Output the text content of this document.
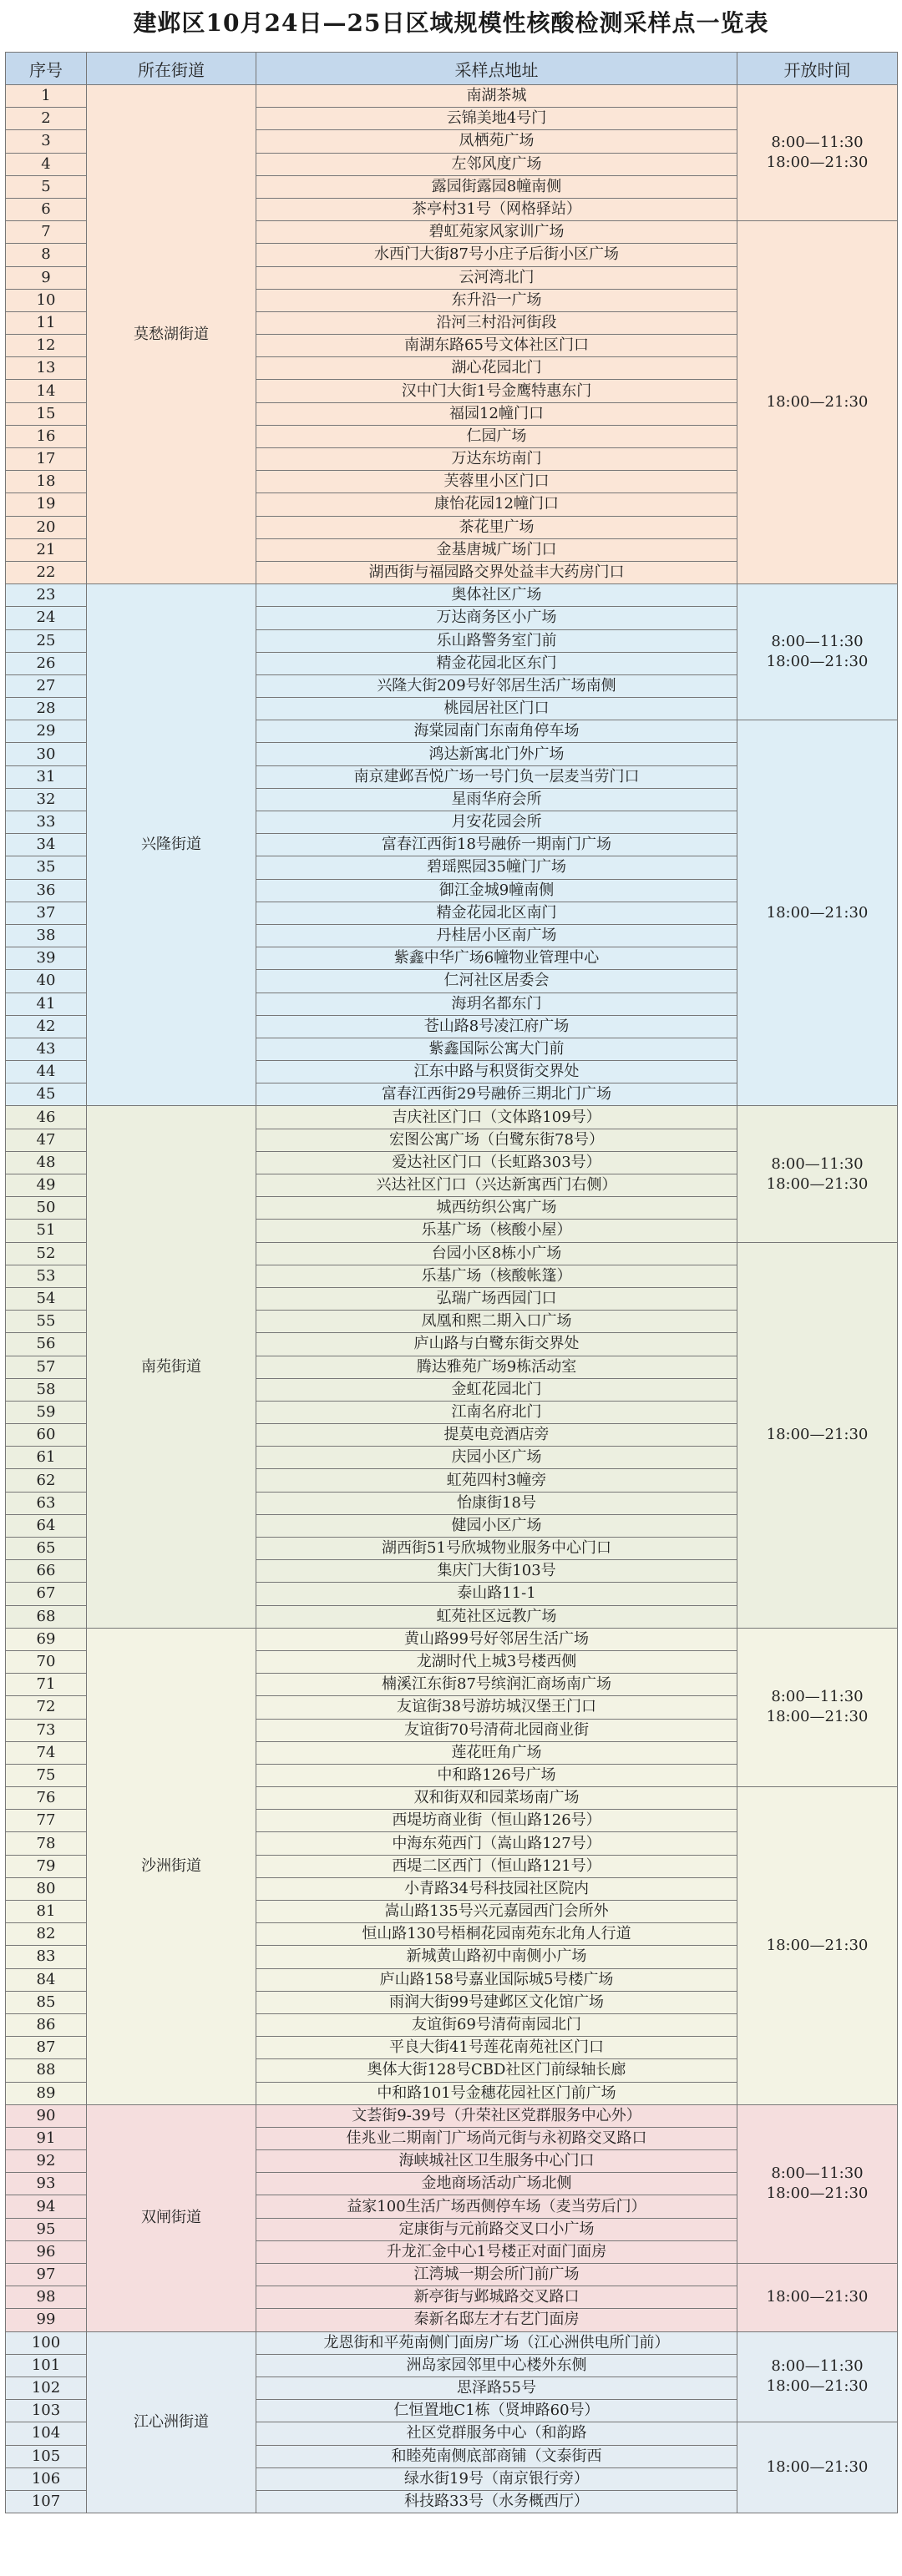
建邺区10月24日—25日区域规模性核酸检测采样点一览表
序号	所在街道	采样点地址	开放时间
1	莫愁湖街道	南湖茶城	8:00—11:30
18:00—21:30

2		云锦美地4号门	
3		凤栖苑广场	
4		左邻风度广场	
5		露园街露园8幢南侧	
6		茶亭村31号（网格驿站）	
7		碧虹苑家风家训广场	18:00—21:30

8		水西门大街87号小庄子后街小区广场	
9		云河湾北门	
10		东升沿一广场	
11		沿河三村沿河街段	
12		南湖东路65号文体社区门口	
13		湖心花园北门	
14		汉中门大街1号金鹰特惠东门	
15		福园12幢门口	
16		仁园广场	
17		万达东坊南门	
18		芙蓉里小区门口	
19		康怡花园12幢门口	
20		茶花里广场	
21		金基唐城广场门口	
22		湖西街与福园路交界处益丰大药房门口	
23	兴隆街道	奥体社区广场	8:00—11:30
18:00—21:30

24		万达商务区小广场	
25		乐山路警务室门前	
26		精金花园北区东门	
27		兴隆大街209号好邻居生活广场南侧	
28		桃园居社区门口	
29		海棠园南门东南角停车场	18:00—21:30

30		鸿达新寓北门外广场	
31		南京建邺吾悦广场一号门负一层麦当劳门口	
32		星雨华府会所	
33		月安花园会所	
34		富春江西街18号融侨一期南门广场	
35		碧瑶熙园35幢门广场	
36		御江金城9幢南侧	
37		精金花园北区南门	
38		丹桂居小区南广场	
39		紫鑫中华广场6幢物业管理中心	
40		仁河社区居委会	
41		海玥名都东门	
42		苍山路8号凌江府广场	
43		紫鑫国际公寓大门前	
44		江东中路与积贤街交界处	
45		富春江西街29号融侨三期北门广场	
46	南苑街道	吉庆社区门口（文体路109号）	8:00—11:30
18:00—21:30

47		宏图公寓广场（白鹭东街78号）	
48		爱达社区门口（长虹路303号）	
49		兴达社区门口（兴达新寓西门右侧）	
50		城西纺织公寓广场	
51		乐基广场（核酸小屋）	
52		台园小区8栋小广场	18:00—21:30

53		乐基广场（核酸帐篷）	
54		弘瑞广场西园门口	
55		凤凰和熙二期入口广场	
56		庐山路与白鹭东街交界处	
57		腾达雅苑广场9栋活动室	
58		金虹花园北门	
59		江南名府北门	
60		提莫电竞酒店旁	
61		庆园小区广场	
62		虹苑四村3幢旁	
63		怡康街18号	
64		健园小区广场	
65		湖西街51号欣城物业服务中心门口	
66		集庆门大街103号	
67		泰山路11-1	
68		虹苑社区远教广场	
69	沙洲街道	黄山路99号好邻居生活广场	8:00—11:30
18:00—21:30

70		龙湖时代上城3号楼西侧	
71		楠溪江东街87号缤润汇商场南广场	
72		友谊街38号游坊城汉堡王门口	
73		友谊街70号清荷北园商业街	
74		莲花旺角广场	
75		中和路126号广场	
76		双和街双和园菜场南广场	18:00—21:30

77		西堤坊商业街（恒山路126号）	
78		中海东苑西门（嵩山路127号）	
79		西堤二区西门（恒山路121号）	
80		小青路34号科技园社区院内	
81		嵩山路135号兴元嘉园西门会所外	
82		恒山路130号梧桐花园南苑东北角人行道	
83		新城黄山路初中南侧小广场	
84		庐山路158号嘉业国际城5号楼广场	
85		雨润大街99号建邺区文化馆广场	
86		友谊街69号清荷南园北门	
87		平良大街41号莲花南苑社区门口	
88		奥体大街128号CBD社区门前绿轴长廊	
89		中和路101号金穗花园社区门前广场	
90	双闸街道	文荟街9-39号（升荣社区党群服务中心外）	8:00—11:30
18:00—21:30

91		佳兆业二期南门广场尚元街与永初路交叉路口	
92		海峡城社区卫生服务中心门口	
93		金地商场活动广场北侧	
94		益家100生活广场西侧停车场（麦当劳后门）	
95		定康街与元前路交叉口小广场	
96		升龙汇金中心1号楼正对面门面房	
97		江湾城一期会所门前广场	18:00—21:30

98		新亭街与邺城路交叉路口	
99		秦新名邸左才右艺门面房	
100	江心洲街道	龙恩街和平苑南侧门面房广场（江心洲供电所门前）	8:00—11:30
18:00—21:30

101		洲岛家园邻里中心楼外东侧	
102		思泽路55号	
103		仁恒置地C1栋（贤坤路60号）	
104		社区党群服务中心（和韵路	18:00—21:30

105		和睦苑南侧底部商铺（文泰街西	
106		绿水街19号（南京银行旁）	
107		科技路33号（水务概西厅）	
